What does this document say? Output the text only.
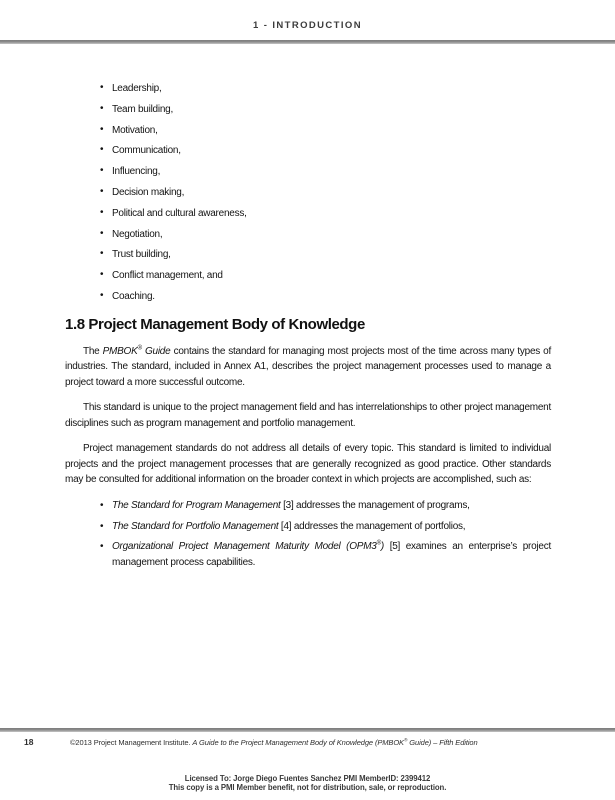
1 - INTRODUCTION
• Leadership,
• Team building,
• Motivation,
• Communication,
• Influencing,
• Decision making,
• Political and cultural awareness,
• Negotiation,
• Trust building,
• Conflict management, and
• Coaching.
1.8 Project Management Body of Knowledge

The PMBOK® Guide contains the standard for managing most projects most of the time across many types of industries. The standard, included in Annex A1, describes the project management processes used to manage a project toward a more successful outcome.

This standard is unique to the project management field and has interrelationships to other project management disciplines such as program management and portfolio management.

Project management standards do not address all details of every topic. This standard is limited to individual projects and the project management processes that are generally recognized as good practice. Other standards may be consulted for additional information on the broader context in which projects are accomplished, such as:

• The Standard for Program Management [3] addresses the management of programs,
• The Standard for Portfolio Management [4] addresses the management of portfolios,
• Organizational Project Management Maturity Model (OPM3®) [5] examines an enterprise’s project management process capabilities.
18	©2013 Project Management Institute. A Guide to the Project Management Body of Knowledge (PMBOK® Guide) – Fifth Edition
Licensed To: Jorge Diego Fuentes Sanchez PMI MemberID: 2399412
This copy is a PMI Member benefit, not for distribution, sale, or reproduction.
